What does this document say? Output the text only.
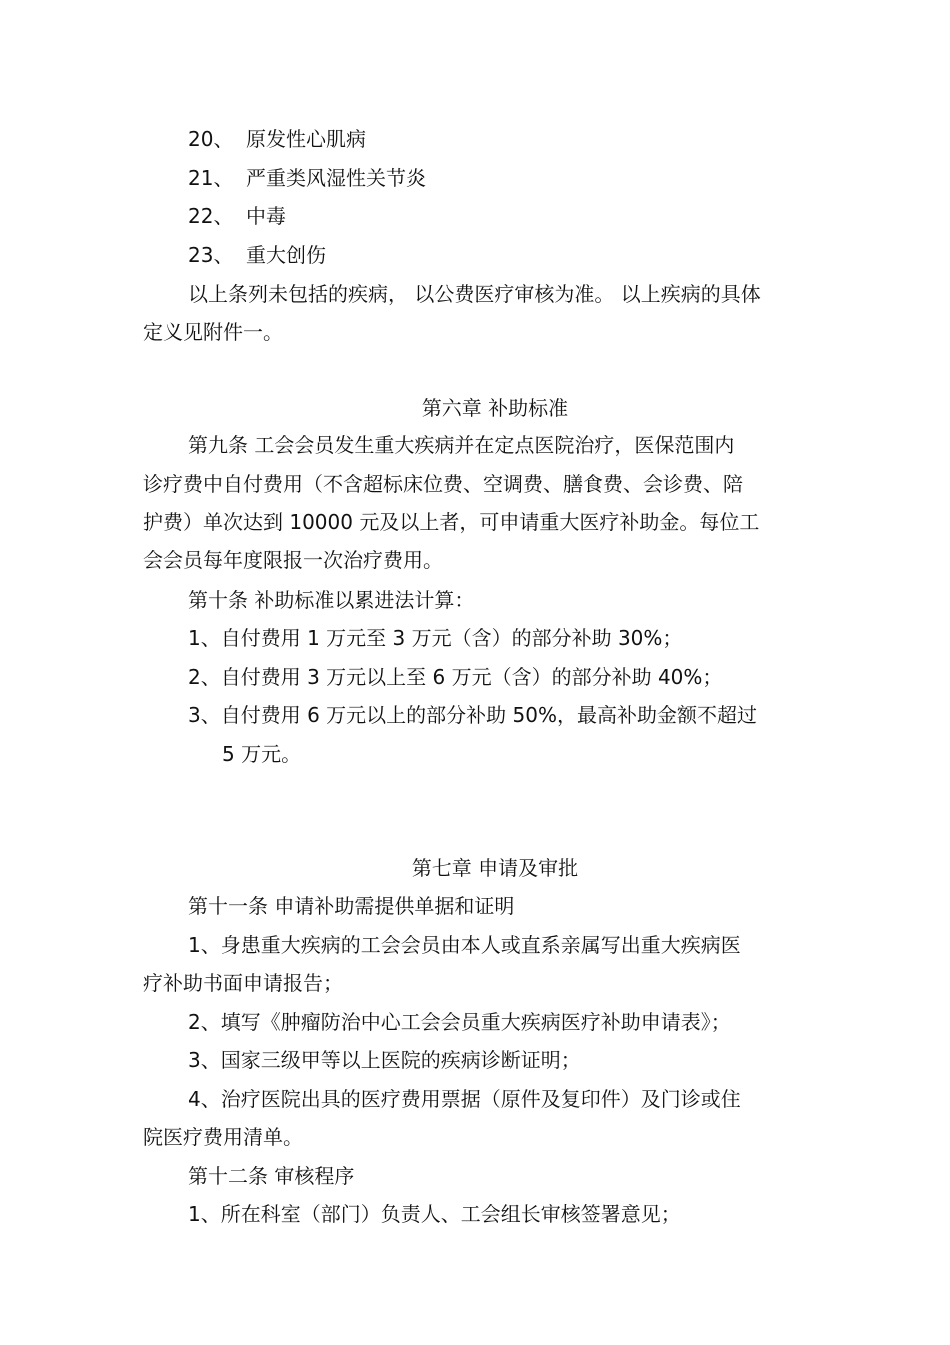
20、 原发性心肌病
21、 严重类风湿性关节炎
22、 中毒
23、 重大创伤
以上条列未包括的疾病， 以公费医疗审核为准。 以上疾病的具体
定义见附件一。
第六章 补助标准
第九条 工会会员发生重大疾病并在定点医院治疗，医保范围内
诊疗费中自付费用（不含超标床位费、空调费、膳食费、会诊费、陪
护费）单次达到 10000 元及以上者，可申请重大医疗补助金。每位工
会会员每年度限报一次治疗费用。
第十条 补助标准以累进法计算：
1、自付费用 1 万元至 3 万元（含）的部分补助 30%；
2、自付费用 3 万元以上至 6 万元（含）的部分补助 40%；
3、自付费用 6 万元以上的部分补助 50%，最高补助金额不超过
5 万元。
第七章 申请及审批
第十一条 申请补助需提供单据和证明
1、身患重大疾病的工会会员由本人或直系亲属写出重大疾病医
疗补助书面申请报告；
2、填写《肿瘤防治中心工会会员重大疾病医疗补助申请表》；
3、国家三级甲等以上医院的疾病诊断证明；
4、治疗医院出具的医疗费用票据（原件及复印件）及门诊或住
院医疗费用清单。
第十二条 审核程序
1、所在科室（部门）负责人、工会组长审核签署意见；
